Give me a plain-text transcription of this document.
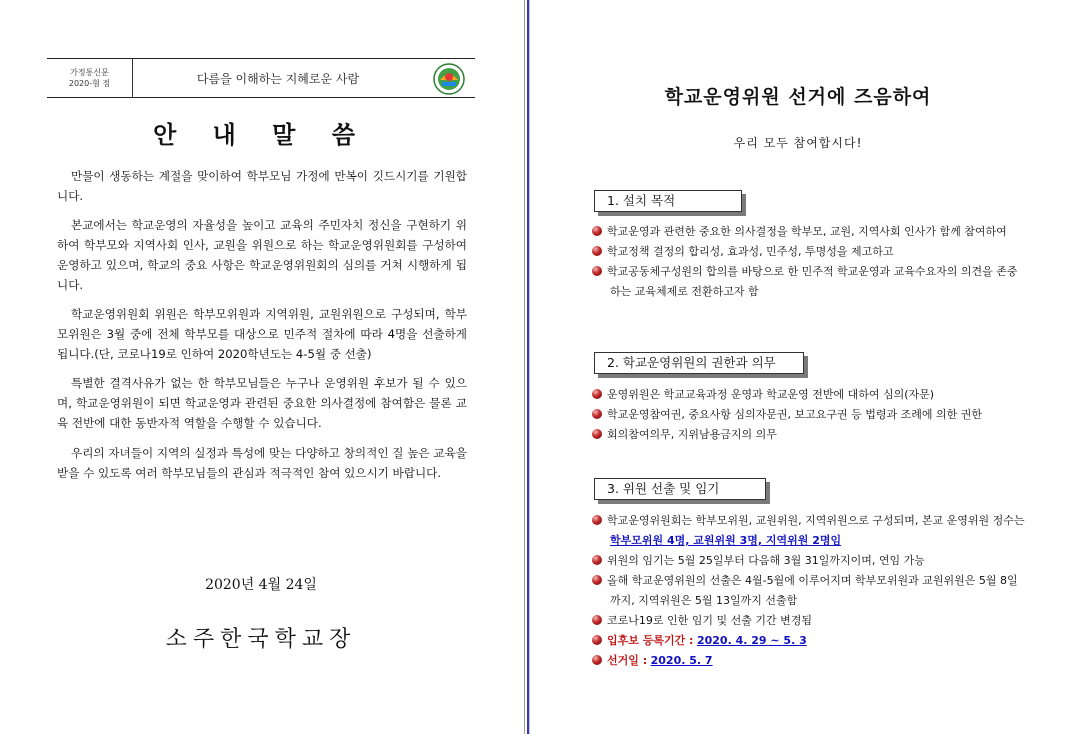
가정통신문
2020-혐 점	다름을 이해하는 지혜로운 사람
안 내 말 씀

만물이 생동하는 계절을 맞이하여 학부모님 가정에 만복이 깃드시기를 기원합니다.

본교에서는 학교운영의 자율성을 높이고 교육의 주민자치 정신을 구현하기 위하여 학부모와 지역사회 인사, 교원을 위원으로 하는 학교운영위원회를 구성하여 운영하고 있으며, 학교의 중요 사항은 학교운영위원회의 심의를 거쳐 시행하게 됩니다.

학교운영위원회 위원은 학부모위원과 지역위원, 교원위원으로 구성되며, 학부모위원은 3월 중에 전체 학부모를 대상으로 민주적 절차에 따라 4명을 선출하게 됩니다.(단, 코로나19로 인하여 2020학년도는 4-5월 중 선출)

특별한 결격사유가 없는 한 학부모님들은 누구나 운영위원 후보가 될 수 있으며, 학교운영위원이 되면 학교운영과 관련된 중요한 의사결정에 참여함은 물론 교육 전반에 대한 동반자적 역할을 수행할 수 있습니다.

우리의 자녀들이 지역의 실정과 특성에 맞는 다양하고 창의적인 질 높은 교육을 받을 수 있도록 여러 학부모님들의 관심과 적극적인 참여 있으시기 바랍니다.

2020년 4월 24일
소주한국학교장
학교운영위원 선거에 즈음하여
우리 모두 참여합시다!
1. 설치 목적
학교운영과 관련한 중요한 의사결정을 학부모, 교원, 지역사회 인사가 함께 참여하여
학교정책 결정의 합리성, 효과성, 민주성, 투명성을 제고하고
학교공동체구성원의 합의를 바탕으로 한 민주적 학교운영과 교육수요자의 의견을 존중
하는 교육체제로 전환하고자 함
2. 학교운영위원의 권한과 의무
운영위원은 학교교육과정 운영과 학교운영 전반에 대하여 심의(자문)
학교운영참여권, 중요사항 심의자문권, 보고요구권 등 법령과 조례에 의한 권한
회의참여의무, 지위남용금지의 의무
3. 위원 선출 및 임기
학교운영위원회는 학부모위원, 교원위원, 지역위원으로 구성되며, 본교 운영위원 정수는
학부모위원 4명, 교원위원 3명, 지역위원 2명임
위원의 임기는 5월 25일부터 다음해 3월 31일까지이며, 연임 가능
올해 학교운영위원의 선출은 4월-5월에 이루어지며 학부모위원과 교원위원은 5월 8일
까지, 지역위원은 5월 13일까지 선출함
코로나19로 인한 임기 및 선출 기간 변경됨
입후보 등록기간 : 2020. 4. 29 ~ 5. 3
선거일 : 2020. 5. 7
